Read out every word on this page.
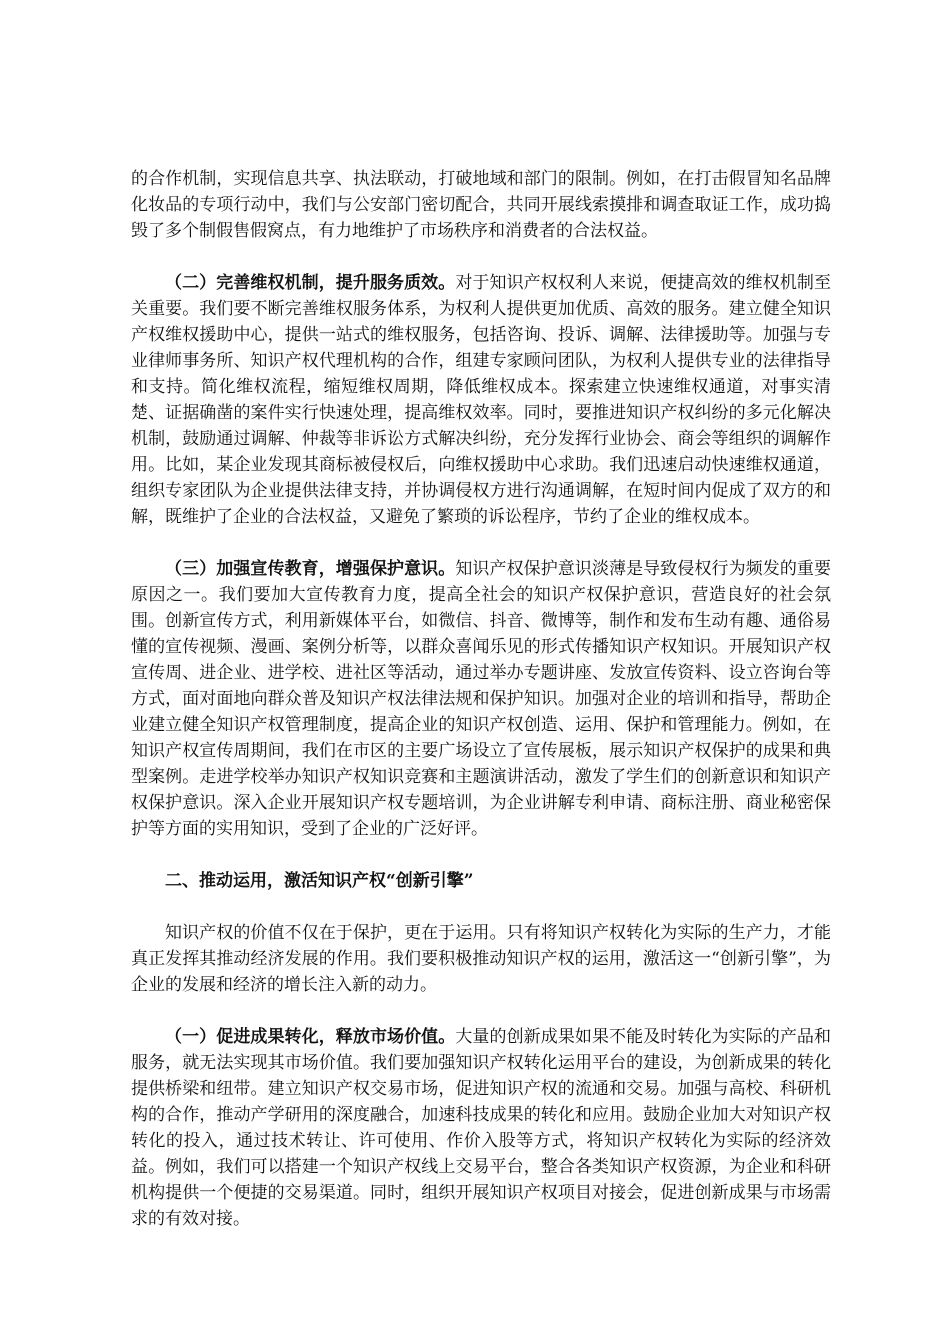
的合作机制，实现信息共享、执法联动，打破地域和部门的限制。例如，在打击假冒知名品牌化妆品的专项行动中，我们与公安部门密切配合，共同开展线索摸排和调查取证工作，成功捣毁了多个制假售假窝点，有力地维护了市场秩序和消费者的合法权益。

（二）完善维权机制，提升服务质效。对于知识产权权利人来说，便捷高效的维权机制至关重要。我们要不断完善维权服务体系，为权利人提供更加优质、高效的服务。建立健全知识产权维权援助中心，提供一站式的维权服务，包括咨询、投诉、调解、法律援助等。加强与专业律师事务所、知识产权代理机构的合作，组建专家顾问团队，为权利人提供专业的法律指导和支持。简化维权流程，缩短维权周期，降低维权成本。探索建立快速维权通道，对事实清楚、证据确凿的案件实行快速处理，提高维权效率。同时，要推进知识产权纠纷的多元化解决机制，鼓励通过调解、仲裁等非诉讼方式解决纠纷，充分发挥行业协会、商会等组织的调解作用。比如，某企业发现其商标被侵权后，向维权援助中心求助。我们迅速启动快速维权通道，组织专家团队为企业提供法律支持，并协调侵权方进行沟通调解，在短时间内促成了双方的和解，既维护了企业的合法权益，又避免了繁琐的诉讼程序，节约了企业的维权成本。

（三）加强宣传教育，增强保护意识。知识产权保护意识淡薄是导致侵权行为频发的重要原因之一。我们要加大宣传教育力度，提高全社会的知识产权保护意识，营造良好的社会氛围。创新宣传方式，利用新媒体平台，如微信、抖音、微博等，制作和发布生动有趣、通俗易懂的宣传视频、漫画、案例分析等，以群众喜闻乐见的形式传播知识产权知识。开展知识产权宣传周、进企业、进学校、进社区等活动，通过举办专题讲座、发放宣传资料、设立咨询台等方式，面对面地向群众普及知识产权法律法规和保护知识。加强对企业的培训和指导，帮助企业建立健全知识产权管理制度，提高企业的知识产权创造、运用、保护和管理能力。例如，在知识产权宣传周期间，我们在市区的主要广场设立了宣传展板，展示知识产权保护的成果和典型案例。走进学校举办知识产权知识竞赛和主题演讲活动，激发了学生们的创新意识和知识产权保护意识。深入企业开展知识产权专题培训，为企业讲解专利申请、商标注册、商业秘密保护等方面的实用知识，受到了企业的广泛好评。

二、推动运用，激活知识产权“创新引擎”

知识产权的价值不仅在于保护，更在于运用。只有将知识产权转化为实际的生产力，才能真正发挥其推动经济发展的作用。我们要积极推动知识产权的运用，激活这一“创新引擎”，为企业的发展和经济的增长注入新的动力。

（一）促进成果转化，释放市场价值。大量的创新成果如果不能及时转化为实际的产品和服务，就无法实现其市场价值。我们要加强知识产权转化运用平台的建设，为创新成果的转化提供桥梁和纽带。建立知识产权交易市场，促进知识产权的流通和交易。加强与高校、科研机构的合作，推动产学研用的深度融合，加速科技成果的转化和应用。鼓励企业加大对知识产权转化的投入，通过技术转让、许可使用、作价入股等方式，将知识产权转化为实际的经济效益。例如，我们可以搭建一个知识产权线上交易平台，整合各类知识产权资源，为企业和科研机构提供一个便捷的交易渠道。同时，组织开展知识产权项目对接会，促进创新成果与市场需求的有效对接。
